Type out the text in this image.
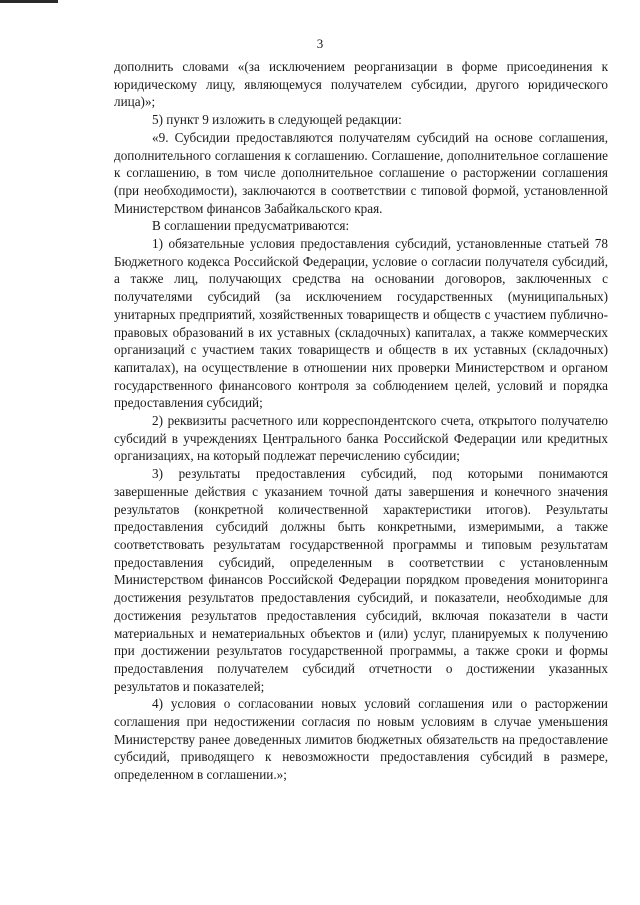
3

дополнить словами «(за исключением реорганизации в форме присоединения к юридическому лицу, являющемуся получателем субсидии, другого юридического лица)»;

5) пункт 9 изложить в следующей редакции:

«9. Субсидии предоставляются получателям субсидий на основе соглашения, дополнительного соглашения к соглашению. Соглашение, дополнительное соглашение к соглашению, в том числе дополнительное соглашение о расторжении соглашения (при необходимости), заключаются в соответствии с типовой формой, установленной Министерством финансов Забайкальского края.

В соглашении предусматриваются:

1) обязательные условия предоставления субсидий, установленные статьей 78 Бюджетного кодекса Российской Федерации, условие о согласии получателя субсидий, а также лиц, получающих средства на основании договоров, заключенных с получателями субсидий (за исключением государственных (муниципальных) унитарных предприятий, хозяйственных товариществ и обществ с участием публично-правовых образований в их уставных (складочных) капиталах, а также коммерческих организаций с участием таких товариществ и обществ в их уставных (складочных) капиталах), на осуществление в отношении них проверки Министерством и органом государственного финансового контроля за соблюдением целей, условий и порядка предоставления субсидий;

2) реквизиты расчетного или корреспондентского счета, открытого получателю субсидий в учреждениях Центрального банка Российской Федерации или кредитных организациях, на который подлежат перечислению субсидии;

3) результаты предоставления субсидий, под которыми понимаются завершенные действия с указанием точной даты завершения и конечного значения результатов (конкретной количественной характеристики итогов). Результаты предоставления субсидий должны быть конкретными, измеримыми, а также соответствовать результатам государственной программы и типовым результатам предоставления субсидий, определенным в соответствии с установленным Министерством финансов Российской Федерации порядком проведения мониторинга достижения результатов предоставления субсидий, и показатели, необходимые для достижения результатов предоставления субсидий, включая показатели в части материальных и нематериальных объектов и (или) услуг, планируемых к получению при достижении результатов государственной программы, а также сроки и формы предоставления получателем субсидий отчетности о достижении указанных результатов и показателей;

4) условия о согласовании новых условий соглашения или о расторжении соглашения при недостижении согласия по новым условиям в случае уменьшения Министерству ранее доведенных лимитов бюджетных обязательств на предоставление субсидий, приводящего к невозможности предоставления субсидий в размере, определенном в соглашении.»;
